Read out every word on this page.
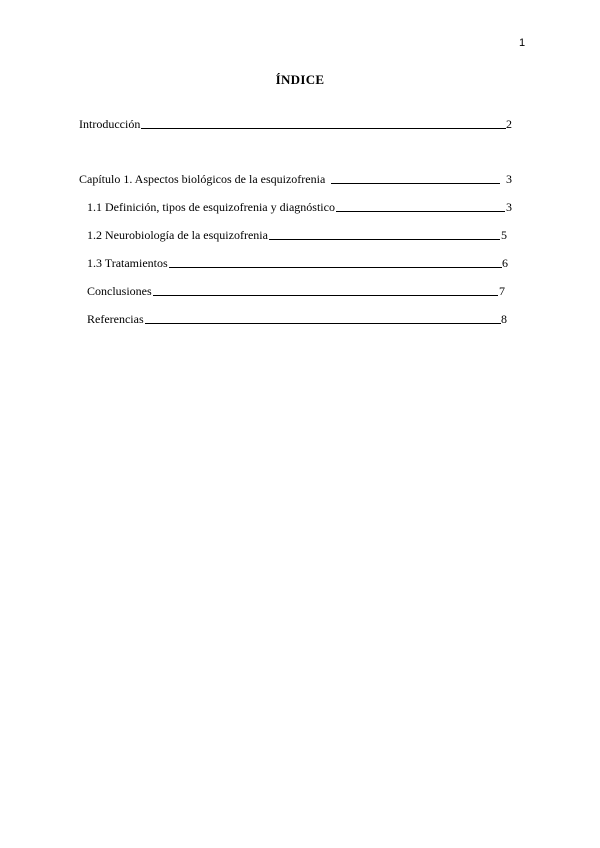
1
ÍNDICE
Introducción	2
Capítulo 1. Aspectos biológicos de la esquizofrenia	3
1.1 Definición, tipos de esquizofrenia y diagnóstico	3
1.2 Neurobiología de la esquizofrenia	5
1.3 Tratamientos	6
Conclusiones	7
Referencias	8
